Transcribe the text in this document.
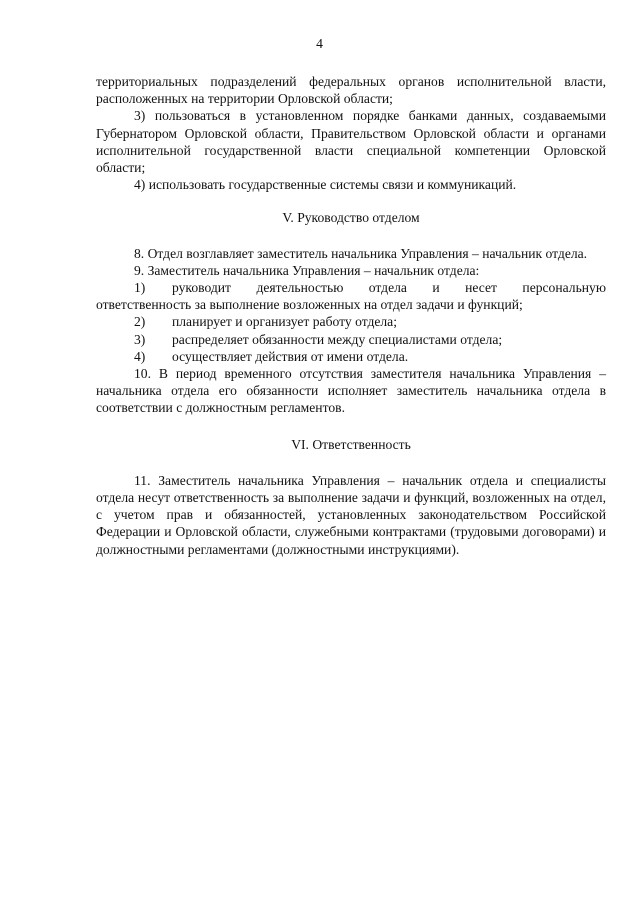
4

территориальных подразделений федеральных органов исполнительной власти, расположенных на территории Орловской области;

3) пользоваться в установленном порядке банками данных, создаваемыми Губернатором Орловской области, Правительством Орловской области и органами исполнительной государственной власти специальной компетенции Орловской области;

4) использовать государственные системы связи и коммуникаций.

V. Руководство отделом

8. Отдел возглавляет заместитель начальника Управления – начальник отдела.

9. Заместитель начальника Управления – начальник отдела:

1)	руководит деятельностью отдела и несет персональную

ответственность за выполнение возложенных на отдел задачи и функций;

2)	планирует и организует работу отдела;
3)	распределяет обязанности между специалистами отдела;
4)	осуществляет действия от имени отдела.

10. В период временного отсутствия заместителя начальника Управления – начальника отдела его обязанности исполняет заместитель начальника отдела в соответствии с должностным регламентов.

VI. Ответственность

11. Заместитель начальника Управления – начальник отдела и специалисты отдела несут ответственность за выполнение задачи и функций, возложенных на отдел, с учетом прав и обязанностей, установленных законодательством Российской Федерации и Орловской области, служебными контрактами (трудовыми договорами) и должностными регламентами (должностными инструкциями).
